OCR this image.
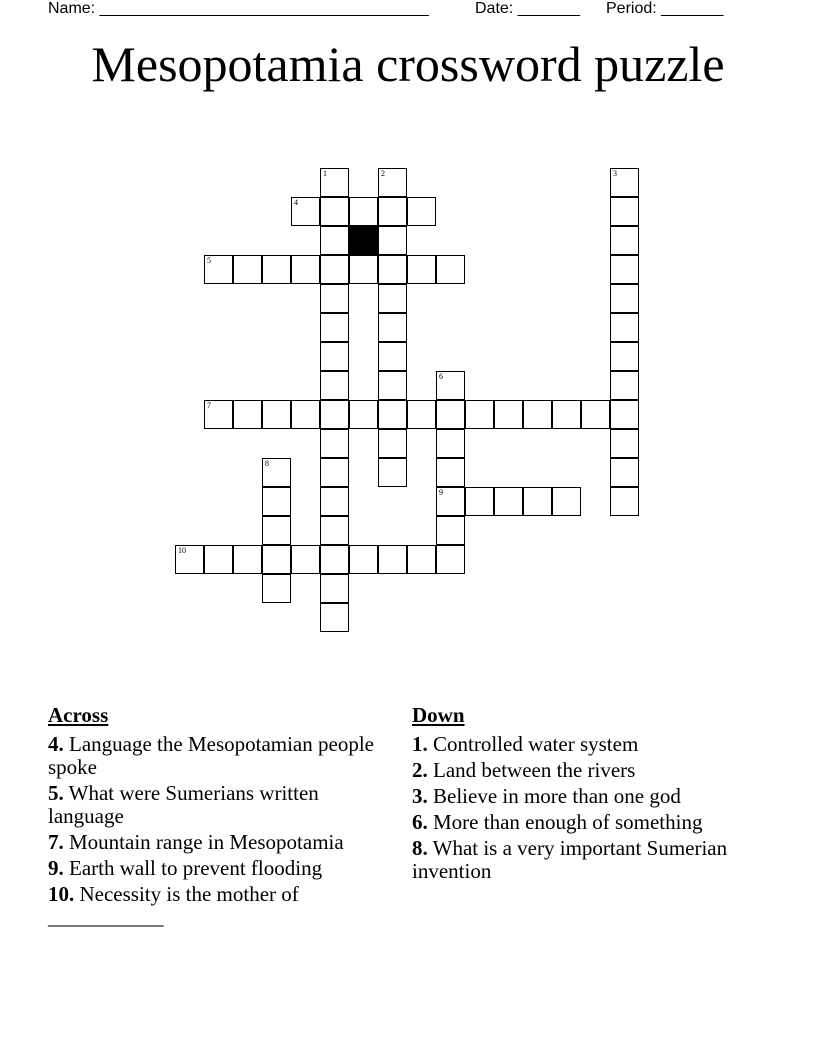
Name: _____________________________________	Date: _______ Period: _______
Mesopotamia crossword puzzle
1	2	3
4
5
6
9
7
8
10
Across
4. Language the Mesopotamian people spoke
5. What were Sumerians written language
7. Mountain range in Mesopotamia
9. Earth wall to prevent flooding
10. Necessity is the mother of ___________
Down
1. Controlled water system
2. Land between the rivers
3. Believe in more than one god
6. More than enough of something
8. What is a very important Sumerian invention
